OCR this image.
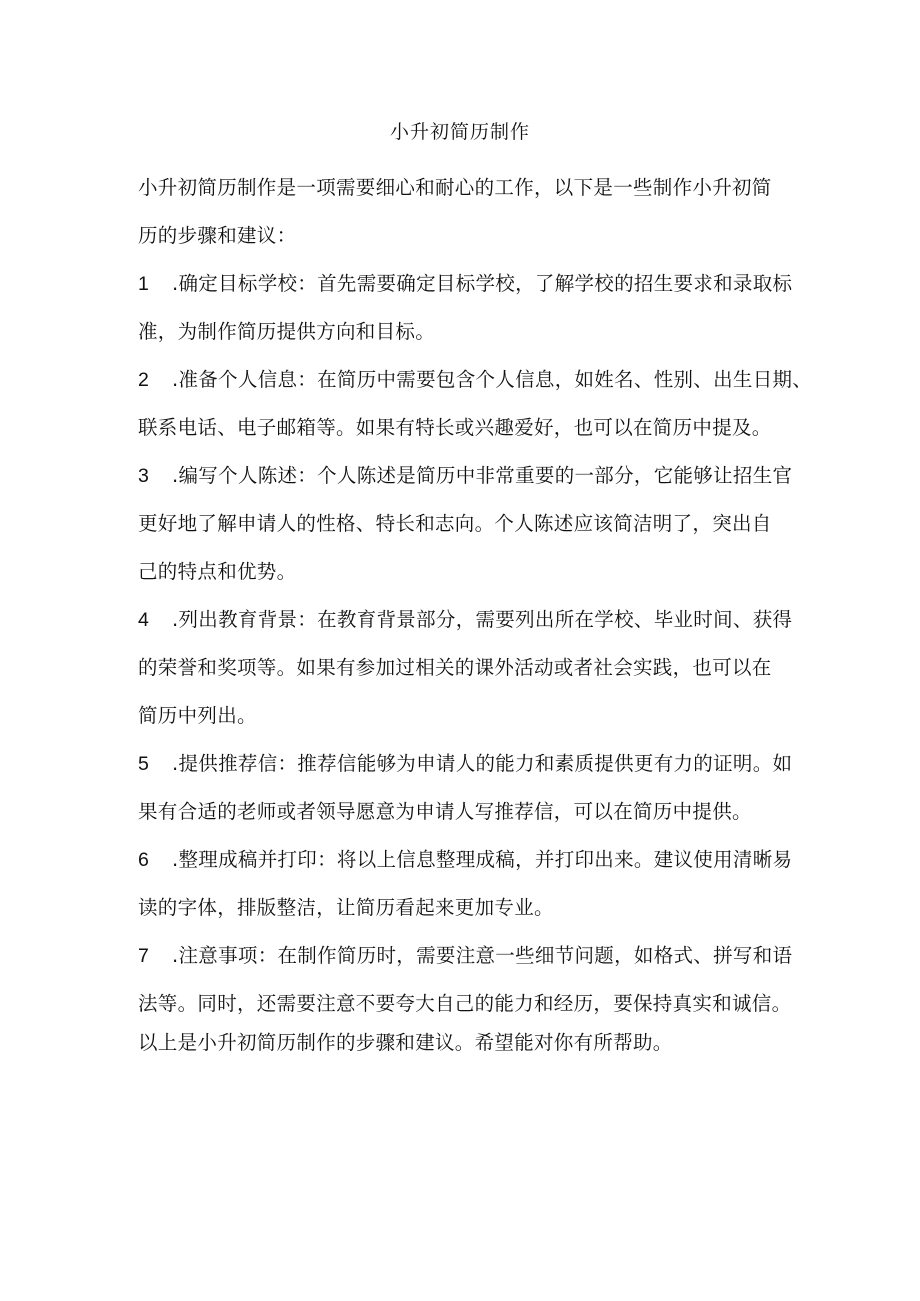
小升初简历制作
小升初简历制作是一项需要细心和耐心的工作，以下是一些制作小升初简
历的步骤和建议：
1 .确定目标学校：首先需要确定目标学校，了解学校的招生要求和录取标
准，为制作简历提供方向和目标。
2 .准备个人信息：在简历中需要包含个人信息，如姓名、性别、出生日期、
联系电话、电子邮箱等。如果有特长或兴趣爱好，也可以在简历中提及。
3 .编写个人陈述：个人陈述是简历中非常重要的一部分，它能够让招生官
更好地了解申请人的性格、特长和志向。个人陈述应该简洁明了，突出自
己的特点和优势。
4 .列出教育背景：在教育背景部分，需要列出所在学校、毕业时间、获得
的荣誉和奖项等。如果有参加过相关的课外活动或者社会实践，也可以在
简历中列出。
5 .提供推荐信：推荐信能够为申请人的能力和素质提供更有力的证明。如
果有合适的老师或者领导愿意为申请人写推荐信，可以在简历中提供。
6 .整理成稿并打印：将以上信息整理成稿，并打印出来。建议使用清晰易
读的字体，排版整洁，让简历看起来更加专业。
7 .注意事项：在制作简历时，需要注意一些细节问题，如格式、拼写和语
法等。同时，还需要注意不要夸大自己的能力和经历，要保持真实和诚信。
以上是小升初简历制作的步骤和建议。希望能对你有所帮助。
